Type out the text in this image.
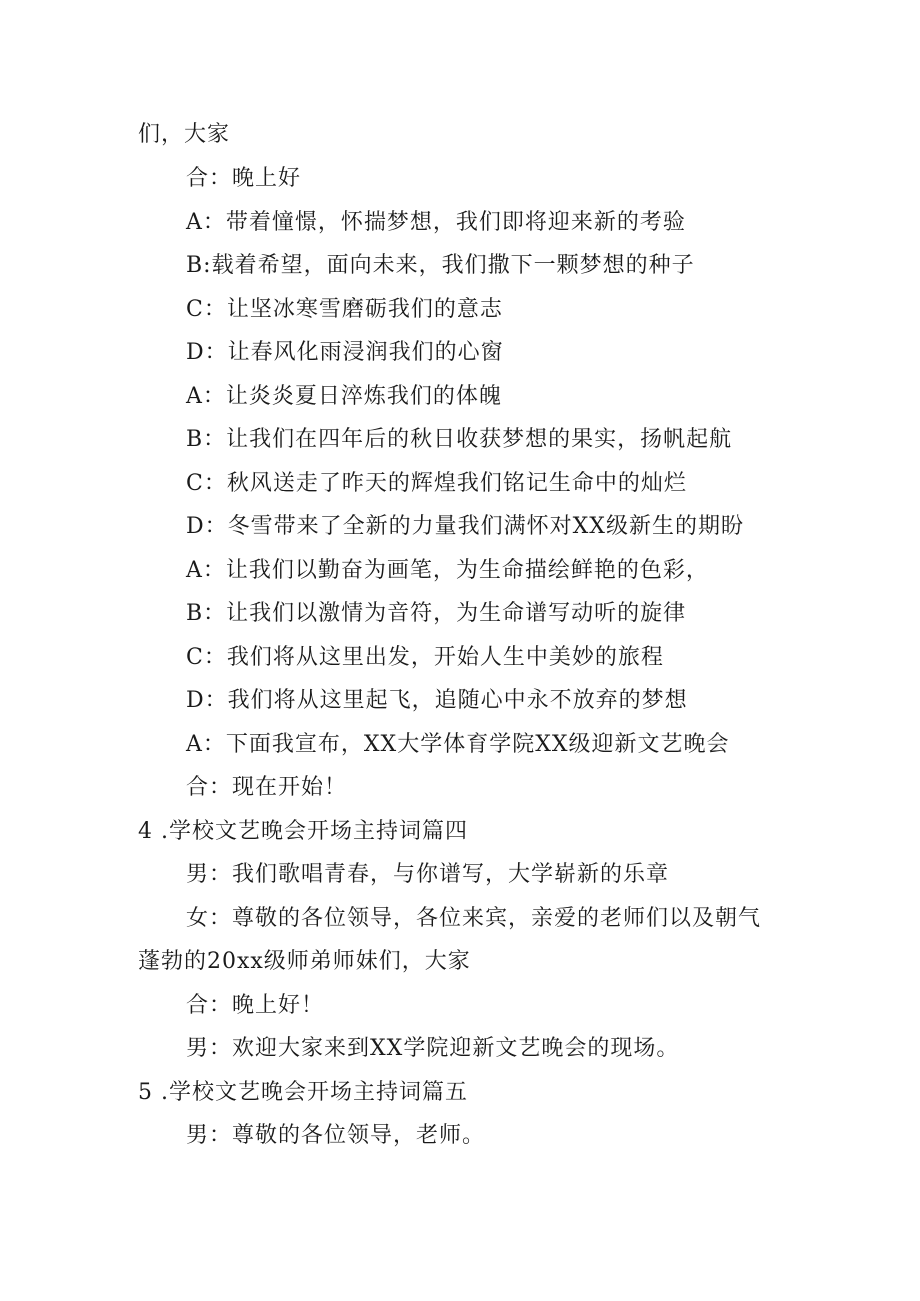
们，大家
合：晚上好
A：带着憧憬，怀揣梦想，我们即将迎来新的考验
B:载着希望，面向未来，我们撒下一颗梦想的种子
C：让坚冰寒雪磨砺我们的意志
D：让春风化雨浸润我们的心窗
A：让炎炎夏日淬炼我们的体魄
B：让我们在四年后的秋日收获梦想的果实，扬帆起航
C：秋风送走了昨天的辉煌我们铭记生命中的灿烂
D：冬雪带来了全新的力量我们满怀对XX级新生的期盼
A：让我们以勤奋为画笔，为生命描绘鲜艳的色彩，
B：让我们以激情为音符，为生命谱写动听的旋律
C：我们将从这里出发，开始人生中美妙的旅程
D：我们将从这里起飞，追随心中永不放弃的梦想
A：下面我宣布，XX大学体育学院XX级迎新文艺晚会
合：现在开始！
4 .学校文艺晚会开场主持词篇四
男：我们歌唱青春，与你谱写，大学崭新的乐章
女：尊敬的各位领导，各位来宾，亲爱的老师们以及朝气
蓬勃的20xx级师弟师妹们，大家
合：晚上好！
男：欢迎大家来到XX学院迎新文艺晚会的现场。
5 .学校文艺晚会开场主持词篇五
男：尊敬的各位领导，老师。
